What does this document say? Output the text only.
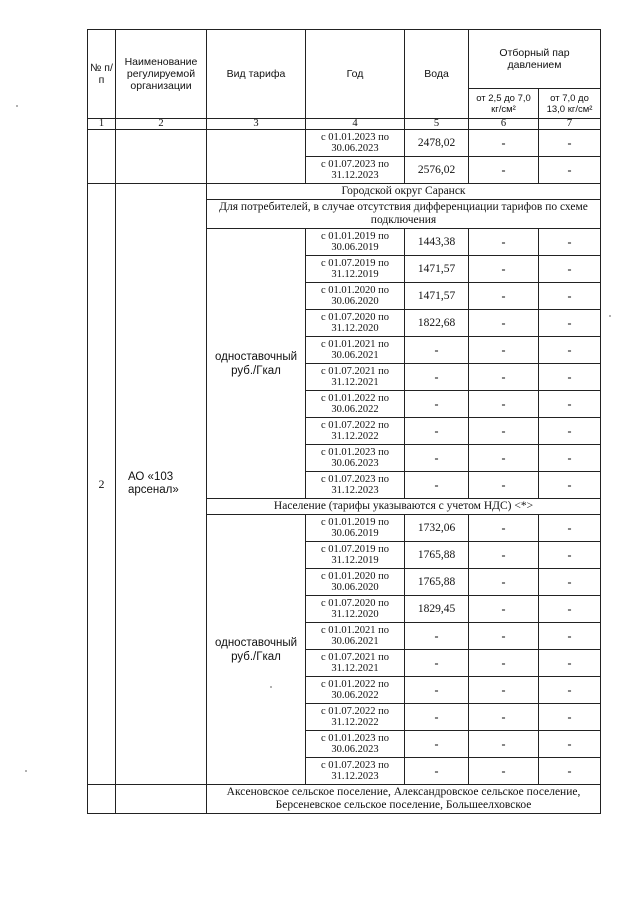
№ п/п	Наименование регулируемой организации	Вид тарифа	Год	Вода	Отборный пар давлением	
					от 2,5 до 7,0 кг/см²	от 7,0 до 13,0 кг/см²
1	2	3	4	5	6	7
			с 01.01.2023 по 30.06.2023	2478,02	-	-
			с 01.07.2023 по 31.12.2023	2576,02	-	-
2	АО «103 арсенал»	Городской округ Саранск				
		Для потребителей, в случае отсутствия дифференциации тарифов по схеме подключения				
		одноставочный руб./Гкал	с 01.01.2019 по 30.06.2019	1443,38	-	-
			с 01.07.2019 по 31.12.2019	1471,57	-	-
			с 01.01.2020 по 30.06.2020	1471,57	-	-
			с 01.07.2020 по 31.12.2020	1822,68	-	-
			с 01.01.2021 по 30.06.2021	-	-	-
			с 01.07.2021 по 31.12.2021	-	-	-
			с 01.01.2022 по 30.06.2022	-	-	-
			с 01.07.2022 по 31.12.2022	-	-	-
			с 01.01.2023 по 30.06.2023	-	-	-
			с 01.07.2023 по 31.12.2023	-	-	-
		Население (тарифы указываются с учетом НДС) <*>				
		одноставочный руб./Гкал	с 01.01.2019 по 30.06.2019	1732,06	-	-
			с 01.07.2019 по 31.12.2019	1765,88	-	-
			с 01.01.2020 по 30.06.2020	1765,88	-	-
			с 01.07.2020 по 31.12.2020	1829,45	-	-
			с 01.01.2021 по 30.06.2021	-	-	-
			с 01.07.2021 по 31.12.2021	-	-	-
			с 01.01.2022 по 30.06.2022	-	-	-
			с 01.07.2022 по 31.12.2022	-	-	-
			с 01.01.2023 по 30.06.2023	-	-	-
			с 01.07.2023 по 31.12.2023	-	-	-
		Аксеновское сельское поселение, Александровское сельское поселение, Берсеневское сельское поселение, Большеелховское				
